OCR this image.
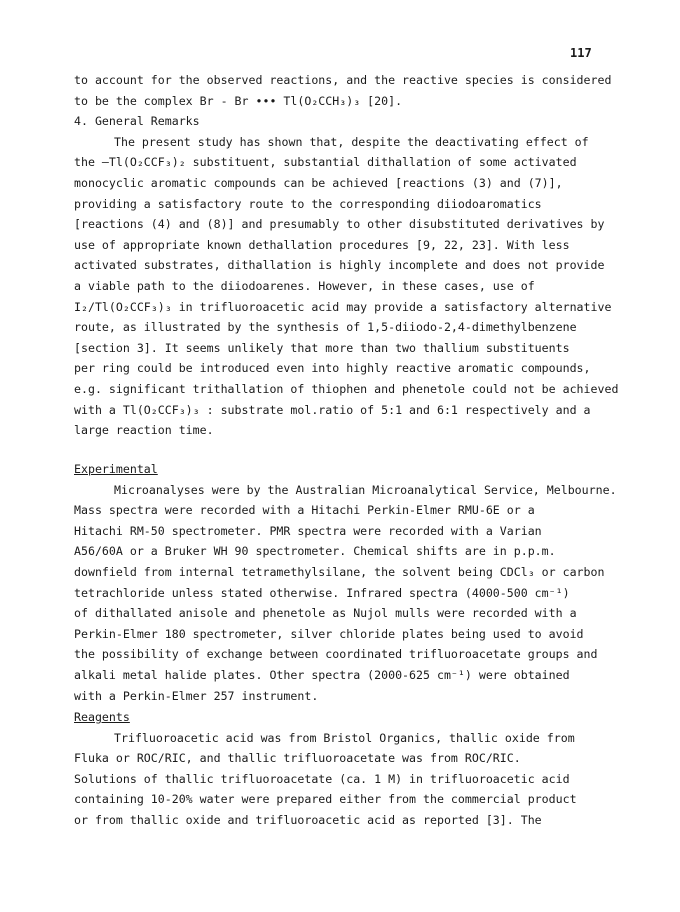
117
to account for the observed reactions, and the reactive species is considered
to be the complex Br - Br ••• Tl(O₂CCH₃)₃ [20].
4. General Remarks
The present study has shown that, despite the deactivating effect of
the –Tl(O₂CCF₃)₂ substituent, substantial dithallation of some activated
monocyclic aromatic compounds can be achieved [reactions (3) and (7)],
providing a satisfactory route to the corresponding diiodoaromatics
[reactions (4) and (8)] and presumably to other disubstituted derivatives by
use of appropriate known dethallation procedures [9, 22, 23]. With less
activated substrates, dithallation is highly incomplete and does not provide
a viable path to the diiodoarenes. However, in these cases, use of
I₂/Tl(O₂CCF₃)₃ in trifluoroacetic acid may provide a satisfactory alternative
route, as illustrated by the synthesis of 1,5-diiodo-2,4-dimethylbenzene
[section 3]. It seems unlikely that more than two thallium substituents
per ring could be introduced even into highly reactive aromatic compounds,
e.g. significant trithallation of thiophen and phenetole could not be achieved
with a Tl(O₂CCF₃)₃ : substrate mol.ratio of 5:1 and 6:1 respectively and a
large reaction time.
Experimental
Microanalyses were by the Australian Microanalytical Service, Melbourne.
Mass spectra were recorded with a Hitachi Perkin-Elmer RMU-6E or a
Hitachi RM-50 spectrometer. PMR spectra were recorded with a Varian
A56/60A or a Bruker WH 90 spectrometer. Chemical shifts are in p.p.m.
downfield from internal tetramethylsilane, the solvent being CDCl₃ or carbon
tetrachloride unless stated otherwise. Infrared spectra (4000-500 cm⁻¹)
of dithallated anisole and phenetole as Nujol mulls were recorded with a
Perkin-Elmer 180 spectrometer, silver chloride plates being used to avoid
the possibility of exchange between coordinated trifluoroacetate groups and
alkali metal halide plates. Other spectra (2000-625 cm⁻¹) were obtained
with a Perkin-Elmer 257 instrument.
Reagents
Trifluoroacetic acid was from Bristol Organics, thallic oxide from
Fluka or ROC/RIC, and thallic trifluoroacetate was from ROC/RIC.
Solutions of thallic trifluoroacetate (ca. 1 M) in trifluoroacetic acid
containing 10-20% water were prepared either from the commercial product
or from thallic oxide and trifluoroacetic acid as reported [3]. The
